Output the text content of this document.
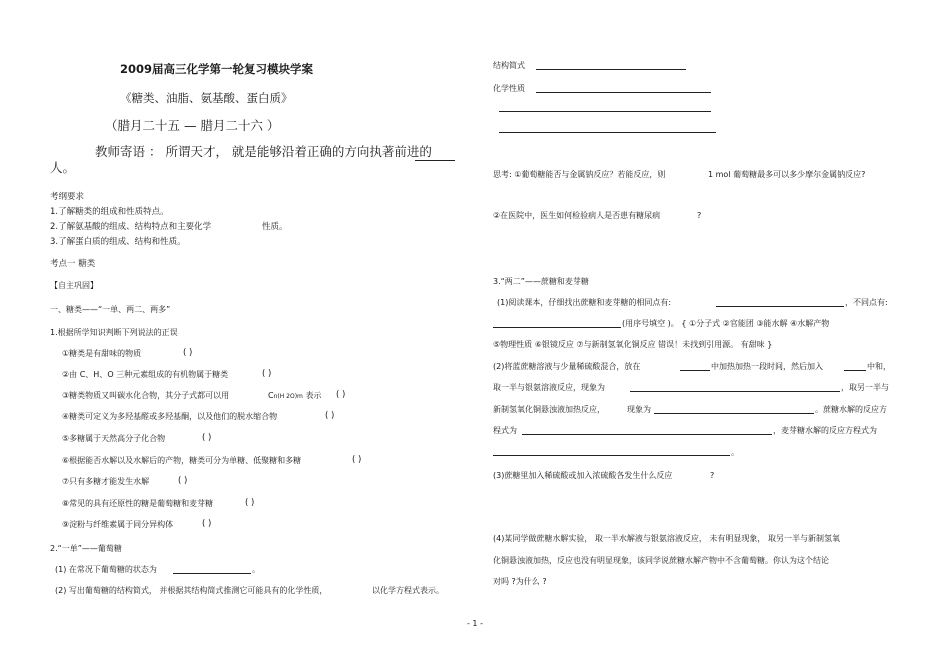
2009届高三化学第一轮复习模块学案
《糖类、油脂、氨基酸、蛋白质》
（腊月二十五 — 腊月二十六 ）
教师寄语 ： 所谓天才， 就是能够沿着正确的方向执著前进的
人。
考纲要求
1.了解糖类的组成和性质特点。
2.了解氨基酸的组成、结构特点和主要化学	性质。
3.了解蛋白质的组成、结构和性质。
考点一 糖类
【自主巩固】
一、糖类——“一单、两二、两多”
1.根据所学知识判断下列说法的正误
①糖类是有甜味的物质	( )
②由 C、H、O 三种元素组成的有机物属于糖类	( )
③糖类物质又叫碳水化合物，其分子式都可以用	Cn(H 2O)m 表示 ( )
④糖类可定义为多羟基醛或多羟基酮，以及他们的脱水缩合物	( )
⑤多糖属于天然高分子化合物	( )
⑥根据能否水解以及水解后的产物，糖类可分为单糖、低聚糖和多糖	( )
⑦只有多糖才能发生水解	( )
⑧常见的具有还原性的糖是葡萄糖和麦芽糖	( )
⑨淀粉与纤维素属于同分异构体	( )
2.“一单”——葡萄糖
(1) 在常况下葡萄糖的状态为	。
(2) 写出葡萄糖的结构简式， 并根据其结构简式推测它可能具有的化学性质，	以化学方程式表示。
结构简式
化学性质
思考: ①葡萄糖能否与金属钠反应？若能反应，则	1 mol 葡萄糖最多可以多少摩尔金属钠反应?
②在医院中，医生如何检验病人是否患有糖尿病	?
3.“两二”——蔗糖和麦芽糖
(1)阅读课本，仔细找出蔗糖和麦芽糖的相同点有:	，不同点有:
(用序号填空 )。 { ①分子式 ②官能团 ③能水解 ④水解产物
⑤物理性质 ⑥银镜反应 ⑦与新制氢氧化铜反应 错误！未找到引用源。 有甜味 }
(2)将蓝蔗糖溶液与少量稀硫酸混合，放在	中加热加热一段时间，然后加入	中和，
取一半与银氨溶液反应，现象为	，取另一半与
新制氢氧化铜悬浊液加热反应，	现象为	。蔗糖水解的反应方
程式为	，麦芽糖水解的反应方程式为
。
(3)蔗糖里加入稀硫酸或加入浓硫酸各发生什么反应	?
(4)某同学做蔗糖水解实验， 取一半水解液与银氨溶液反应， 未有明显现象， 取另一半与新制氢氧
化铜悬浊液加热，反应也没有明显现象，该同学说蔗糖水解产物中不含葡萄糖。你认为这个结论
对吗 ?为什么 ?
- 1 -
